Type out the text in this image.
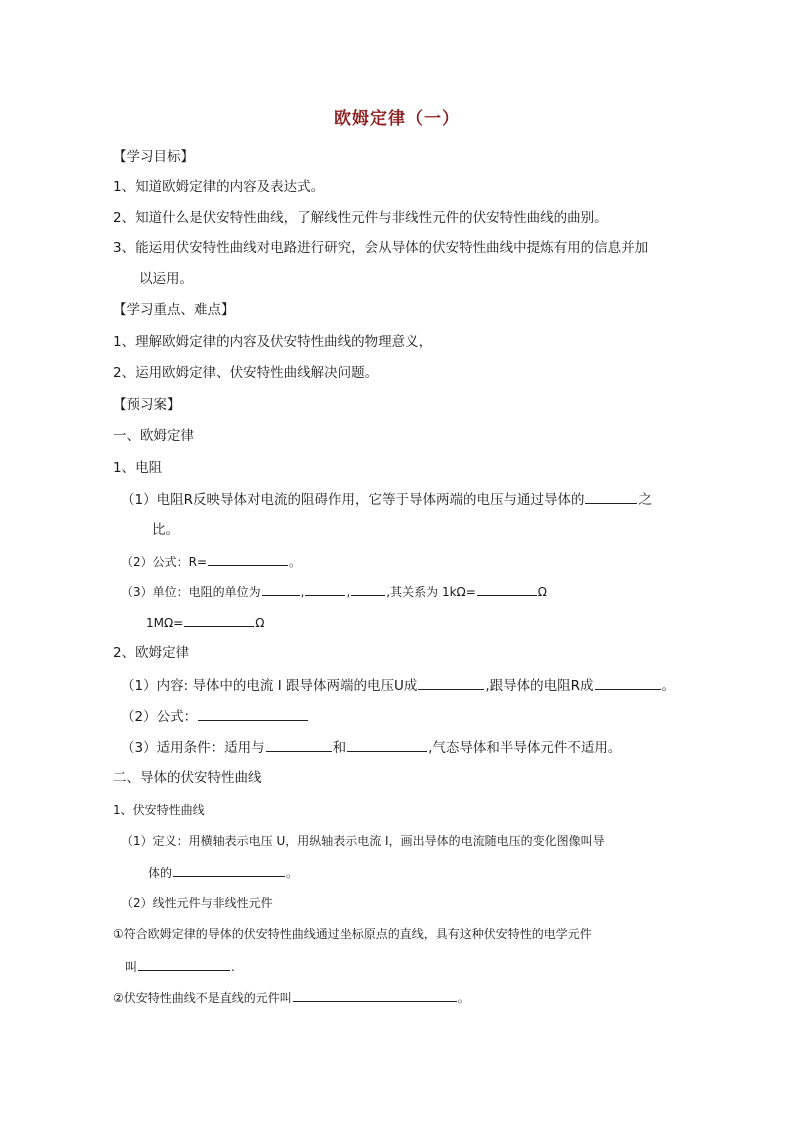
欧姆定律（一）
【学习目标】
1、知道欧姆定律的内容及表达式。
2、知道什么是伏安特性曲线，了解线性元件与非线性元件的伏安特性曲线的曲别。
3、能运用伏安特性曲线对电路进行研究，会从导体的伏安特性曲线中提炼有用的信息并加
以运用。
【学习重点、难点】
1、理解欧姆定律的内容及伏安特性曲线的物理意义，
2、运用欧姆定律、伏安特性曲线解决问题。
【预习案】
一、欧姆定律
1、电阻
（1）电阻R反映导体对电流的阻碍作用，它等于导体两端的电压与通过导体的	之
比。
（2）公式：R=	。
（3）单位：电阻的单位为	,	,	,其关系为 1kΩ=	Ω
1MΩ=	Ω
2、欧姆定律
（1）内容: 导体中的电流 I 跟导体两端的电压U成	,跟导体的电阻R成	。
（2）公式：
（3）适用条件：适用与	和	,气态导体和半导体元件不适用。
二、导体的伏安特性曲线
1、伏安特性曲线
（1）定义：用横轴表示电压 U，用纵轴表示电流 I，画出导体的电流随电压的变化图像叫导
体的	。
（2）线性元件与非线性元件
①符合欧姆定律的导体的伏安特性曲线通过坐标原点的直线，具有这种伏安特性的电学元件
叫	.
②伏安特性曲线不是直线的元件叫	。
